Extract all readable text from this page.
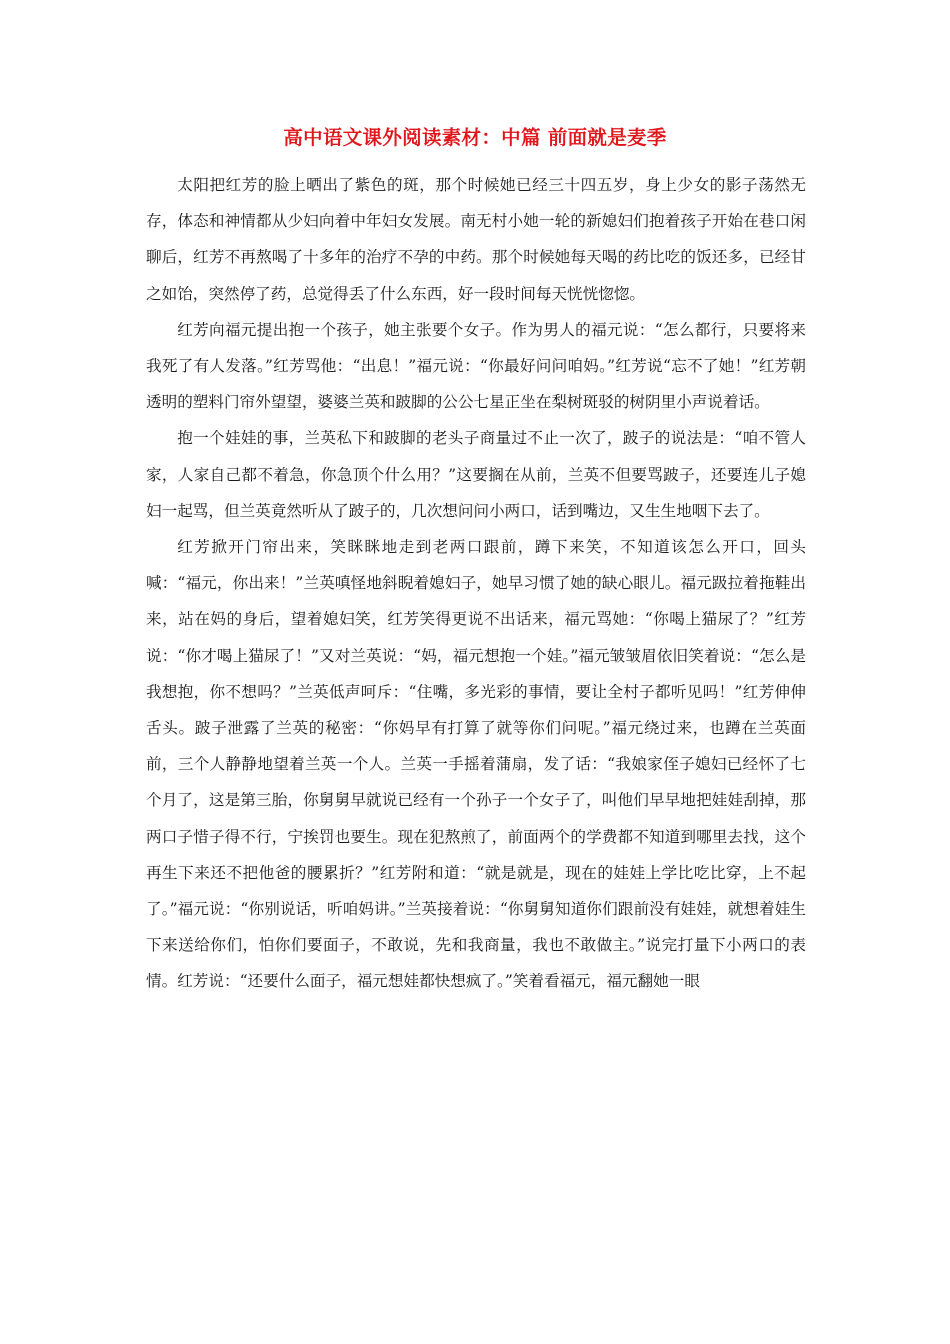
高中语文课外阅读素材：中篇 前面就是麦季

太阳把红芳的脸上晒出了紫色的斑，那个时候她已经三十四五岁，身上少女的影子荡然无存，体态和神情都从少妇向着中年妇女发展。南无村小她一轮的新媳妇们抱着孩子开始在巷口闲聊后，红芳不再熬喝了十多年的治疗不孕的中药。那个时候她每天喝的药比吃的饭还多，已经甘之如饴，突然停了药，总觉得丢了什么东西，好一段时间每天恍恍惚惚。

红芳向福元提出抱一个孩子，她主张要个女子。作为男人的福元说：“怎么都行，只要将来我死了有人发落。”红芳骂他：“出息！”福元说：“你最好问问咱妈。”红芳说“忘不了她！”红芳朝透明的塑料门帘外望望，婆婆兰英和跛脚的公公七星正坐在梨树斑驳的树阴里小声说着话。

抱一个娃娃的事，兰英私下和跛脚的老头子商量过不止一次了，跛子的说法是：“咱不管人家，人家自己都不着急，你急顶个什么用？”这要搁在从前，兰英不但要骂跛子，还要连儿子媳妇一起骂，但兰英竟然听从了跛子的，几次想问问小两口，话到嘴边，又生生地咽下去了。

红芳掀开门帘出来，笑眯眯地走到老两口跟前，蹲下来笑，不知道该怎么开口，回头喊：“福元，你出来！”兰英嗔怪地斜睨着媳妇子，她早习惯了她的缺心眼儿。福元趿拉着拖鞋出来，站在妈的身后，望着媳妇笑，红芳笑得更说不出话来，福元骂她：“你喝上猫尿了？”红芳说：“你才喝上猫尿了！”又对兰英说：“妈，福元想抱一个娃。”福元皱皱眉依旧笑着说：“怎么是我想抱，你不想吗？”兰英低声呵斥：“住嘴，多光彩的事情，要让全村子都听见吗！”红芳伸伸舌头。跛子泄露了兰英的秘密：“你妈早有打算了就等你们问呢。”福元绕过来，也蹲在兰英面前，三个人静静地望着兰英一个人。兰英一手摇着蒲扇，发了话：“我娘家侄子媳妇已经怀了七个月了，这是第三胎，你舅舅早就说已经有一个孙子一个女子了，叫他们早早地把娃娃刮掉，那两口子惜子得不行，宁挨罚也要生。现在犯熬煎了，前面两个的学费都不知道到哪里去找，这个再生下来还不把他爸的腰累折？”红芳附和道：“就是就是，现在的娃娃上学比吃比穿，上不起了。”福元说：“你别说话，听咱妈讲。”兰英接着说：“你舅舅知道你们跟前没有娃娃，就想着娃生下来送给你们，怕你们要面子，不敢说，先和我商量，我也不敢做主。”说完打量下小两口的表情。红芳说：“还要什么面子，福元想娃都快想疯了。”笑着看福元，福元翻她一眼
